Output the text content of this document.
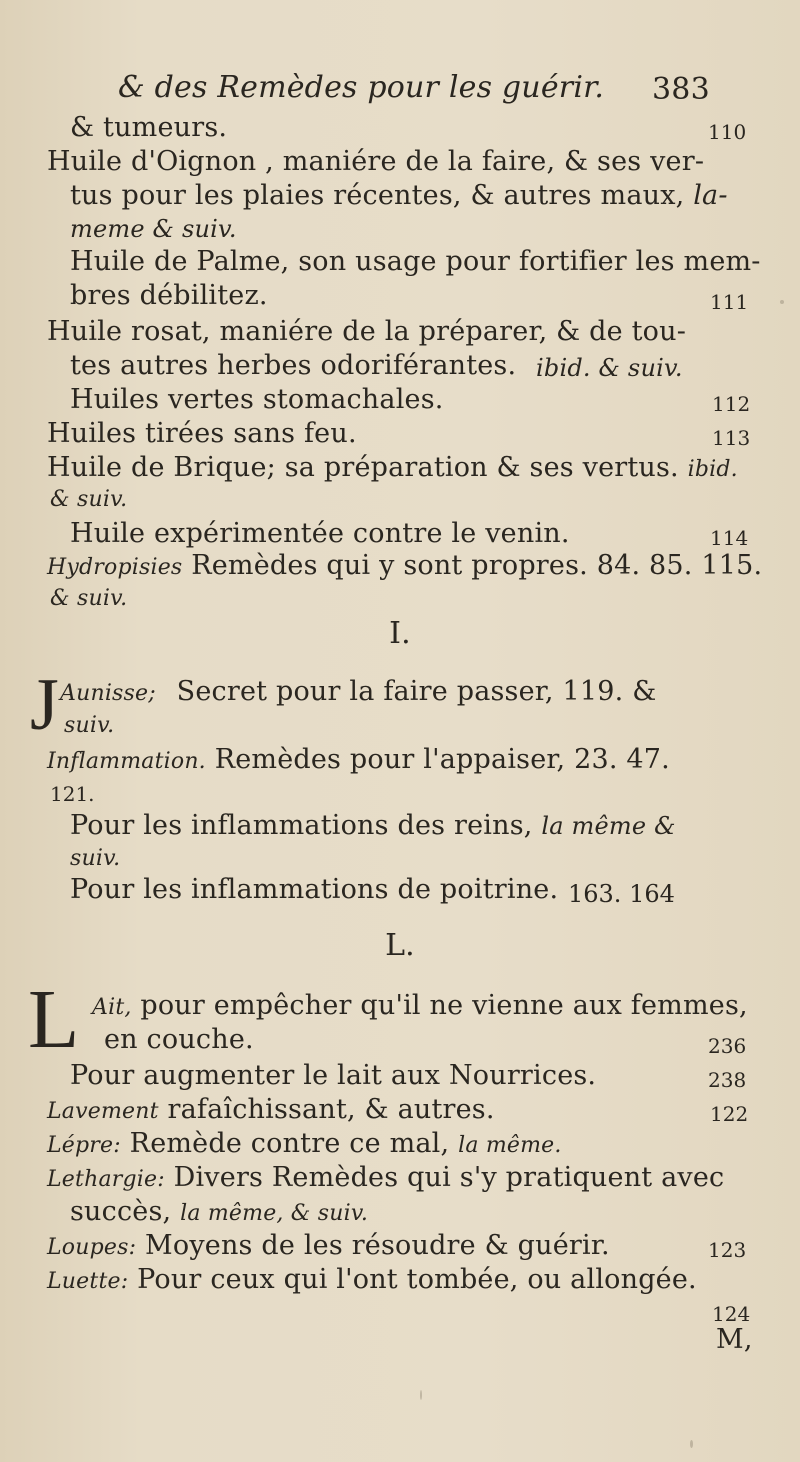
& des Remèdes pour les guérir. 383
& tumeurs.	110
Huile d'Oignon , maniére de la faire, & ses ver-
tus pour les plaies récentes, & autres maux, la-
meme & suiv.
Huile de Palme, son usage pour fortifier les mem-
bres débilitez.	111
Huile rosat, maniére de la préparer, & de tou-
tes autres herbes odoriférantes. ibid. & suiv.
Huiles vertes stomachales.	112
Huiles tirées sans feu.	113
Huile de Brique; sa préparation & ses vertus. ibid.
& suiv.
Huile expérimentée contre le venin.	114
Hydropisies Remèdes qui y sont propres. 84. 85. 115.
& suiv.
I.
J Aunisse; Secret pour la faire passer, 119. &
suiv.
Inflammation. Remèdes pour l'appaiser, 23. 47.
121.
Pour les inflammations des reins, la même &
suiv.
Pour les inflammations de poitrine. 163. 164
L.
L Ait, pour empêcher qu'il ne vienne aux femmes,
en couche.	236
Pour augmenter le lait aux Nourrices.	238
Lavement rafaîchissant, & autres.	122
Lépre: Remède contre ce mal, la même.
Lethargie: Divers Remèdes qui s'y pratiquent avec
succès, la même, & suiv.
Loupes: Moyens de les résoudre & guérir.	123
Luette: Pour ceux qui l'ont tombée, ou allongée.
124
M,
